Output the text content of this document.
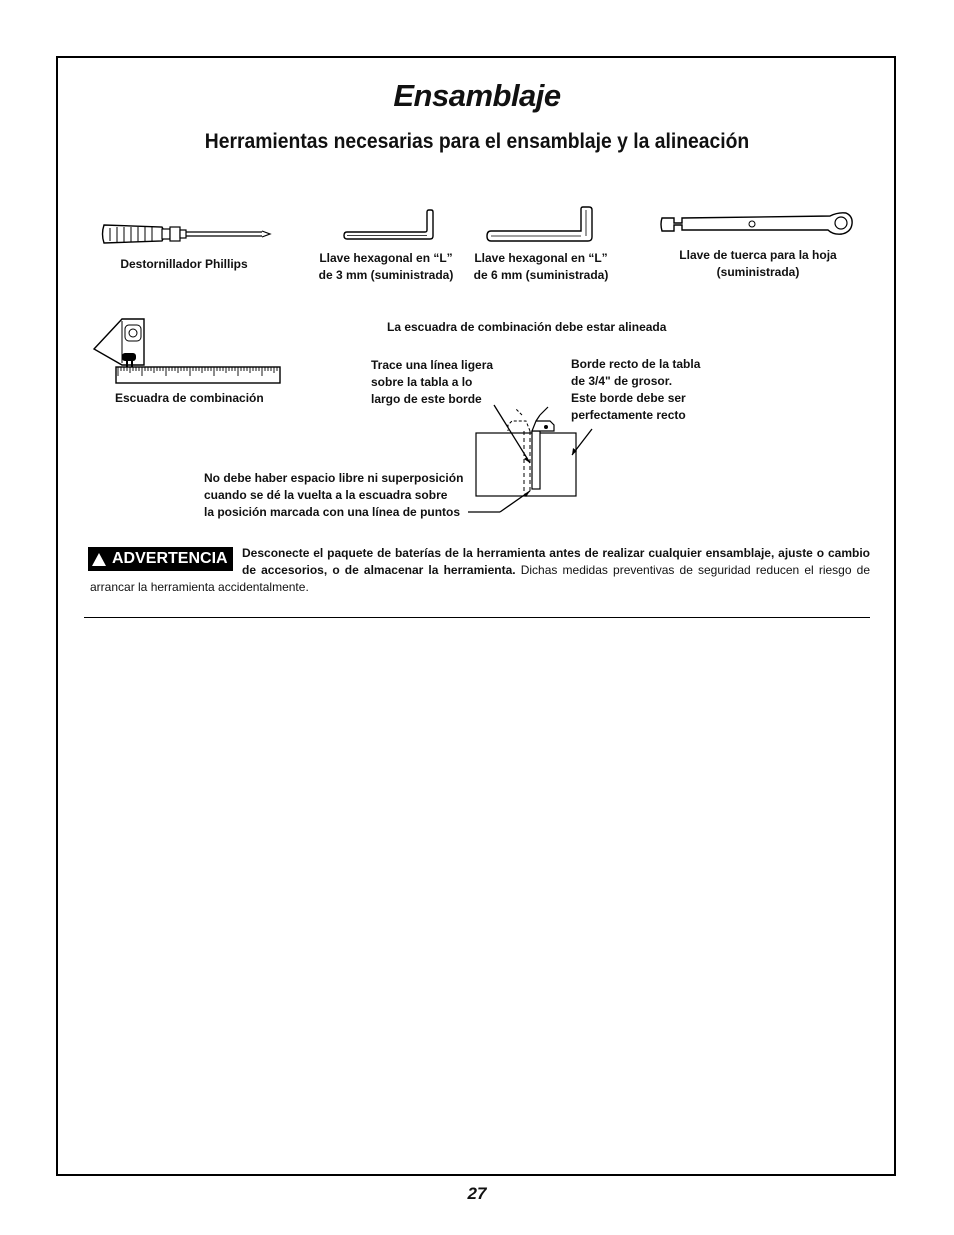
Ensamblaje
Herramientas necesarias para el ensamblaje y la alineación
Destornillador Phillips	Llave hexagonal en “L”
de 3 mm (suministrada)
Llave hexagonal en “L”
de 6 mm (suministrada)
Llave de tuerca para la hoja
(suministrada)
Escuadra de combinación
La escuadra de combinación debe estar alineada
Trace una línea ligera
sobre la tabla a lo
largo de este borde
Borde recto de la tabla
de 3/4" de grosor.
Este borde debe ser
perfectamente recto
No debe haber espacio libre ni superposición
cuando se dé la vuelta a la escuadra sobre
la posición marcada con una línea de puntos
ADVERTENCIA	Desconecte el paquete de baterías de la herramienta antes de realizar cualquier ensamblaje, ajuste o cambio de accesorios, o de almacenar la herramienta. Dichas medidas preventivas de seguridad reducen el riesgo de arrancar la herramienta accidentalmente.
27
